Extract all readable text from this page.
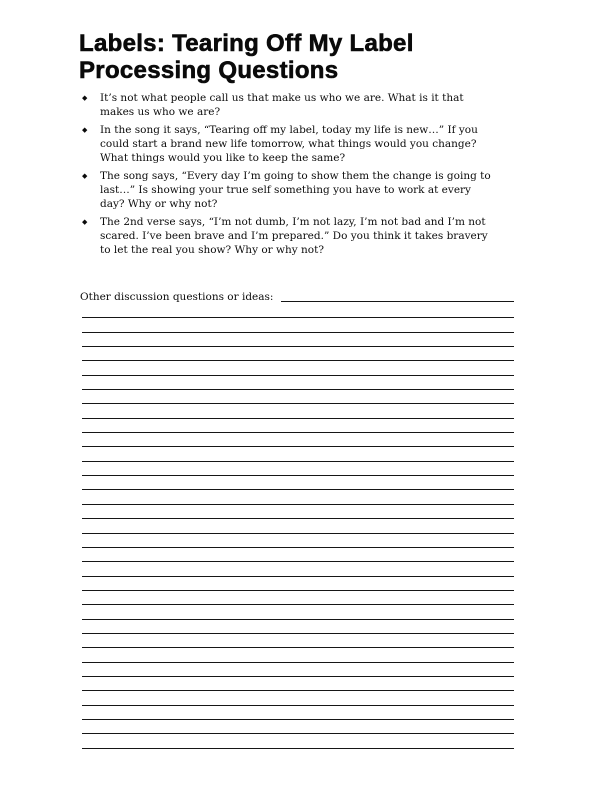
Labels: Tearing Off My Label
Processing Questions
◆ It’s not what people call us that make us who we are. What is it that makes us who we are?
◆ In the song it says, “Tearing off my label, today my life is new…” If you could start a brand new life tomorrow, what things would you change? What things would you like to keep the same?
◆ The song says, “Every day I’m going to show them the change is going to last…” Is showing your true self something you have to work at every day? Why or why not?
◆ The 2nd verse says, “I’m not dumb, I’m not lazy, I’m not bad and I’m not scared. I’ve been brave and I’m prepared.” Do you think it takes bravery to let the real you show? Why or why not?
Other discussion questions or ideas:
